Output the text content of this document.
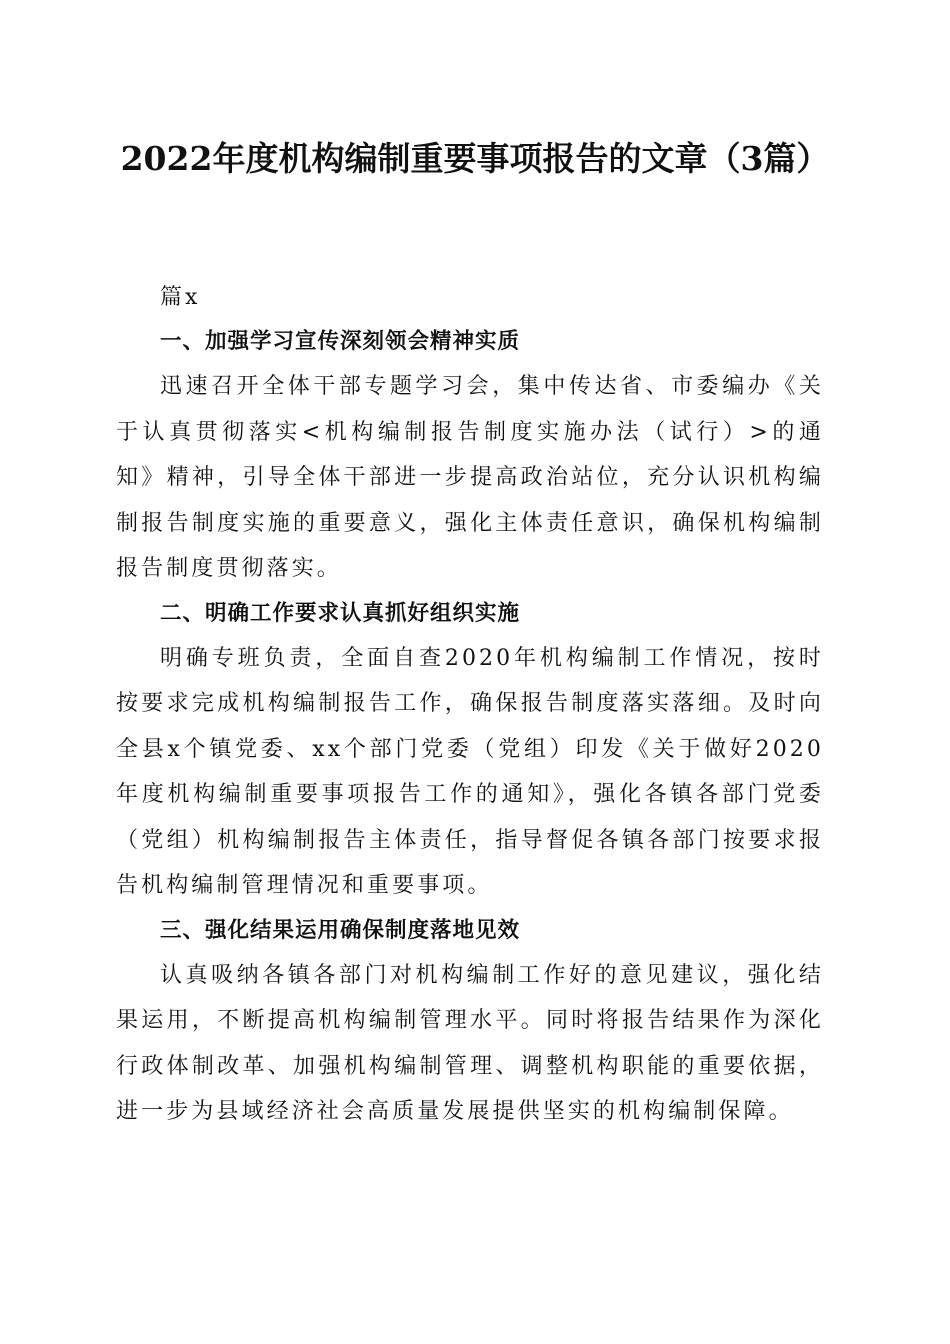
2022年度机构编制重要事项报告的文章（3篇）

篇x

一、加强学习宣传深刻领会精神实质

迅速召开全体干部专题学习会，集中传达省、市委编办《关于认真贯彻落实<机构编制报告制度实施办法（试行）>的通知》精神，引导全体干部进一步提高政治站位，充分认识机构编制报告制度实施的重要意义，强化主体责任意识，确保机构编制报告制度贯彻落实。

二、明确工作要求认真抓好组织实施

明确专班负责，全面自查2020年机构编制工作情况，按时按要求完成机构编制报告工作，确保报告制度落实落细。及时向全县x个镇党委、xx个部门党委（党组）印发《关于做好2020年度机构编制重要事项报告工作的通知》，强化各镇各部门党委（党组）机构编制报告主体责任，指导督促各镇各部门按要求报告机构编制管理情况和重要事项。

三、强化结果运用确保制度落地见效

认真吸纳各镇各部门对机构编制工作好的意见建议，强化结果运用，不断提高机构编制管理水平。同时将报告结果作为深化行政体制改革、加强机构编制管理、调整机构职能的重要依据，进一步为县域经济社会高质量发展提供坚实的机构编制保障。
